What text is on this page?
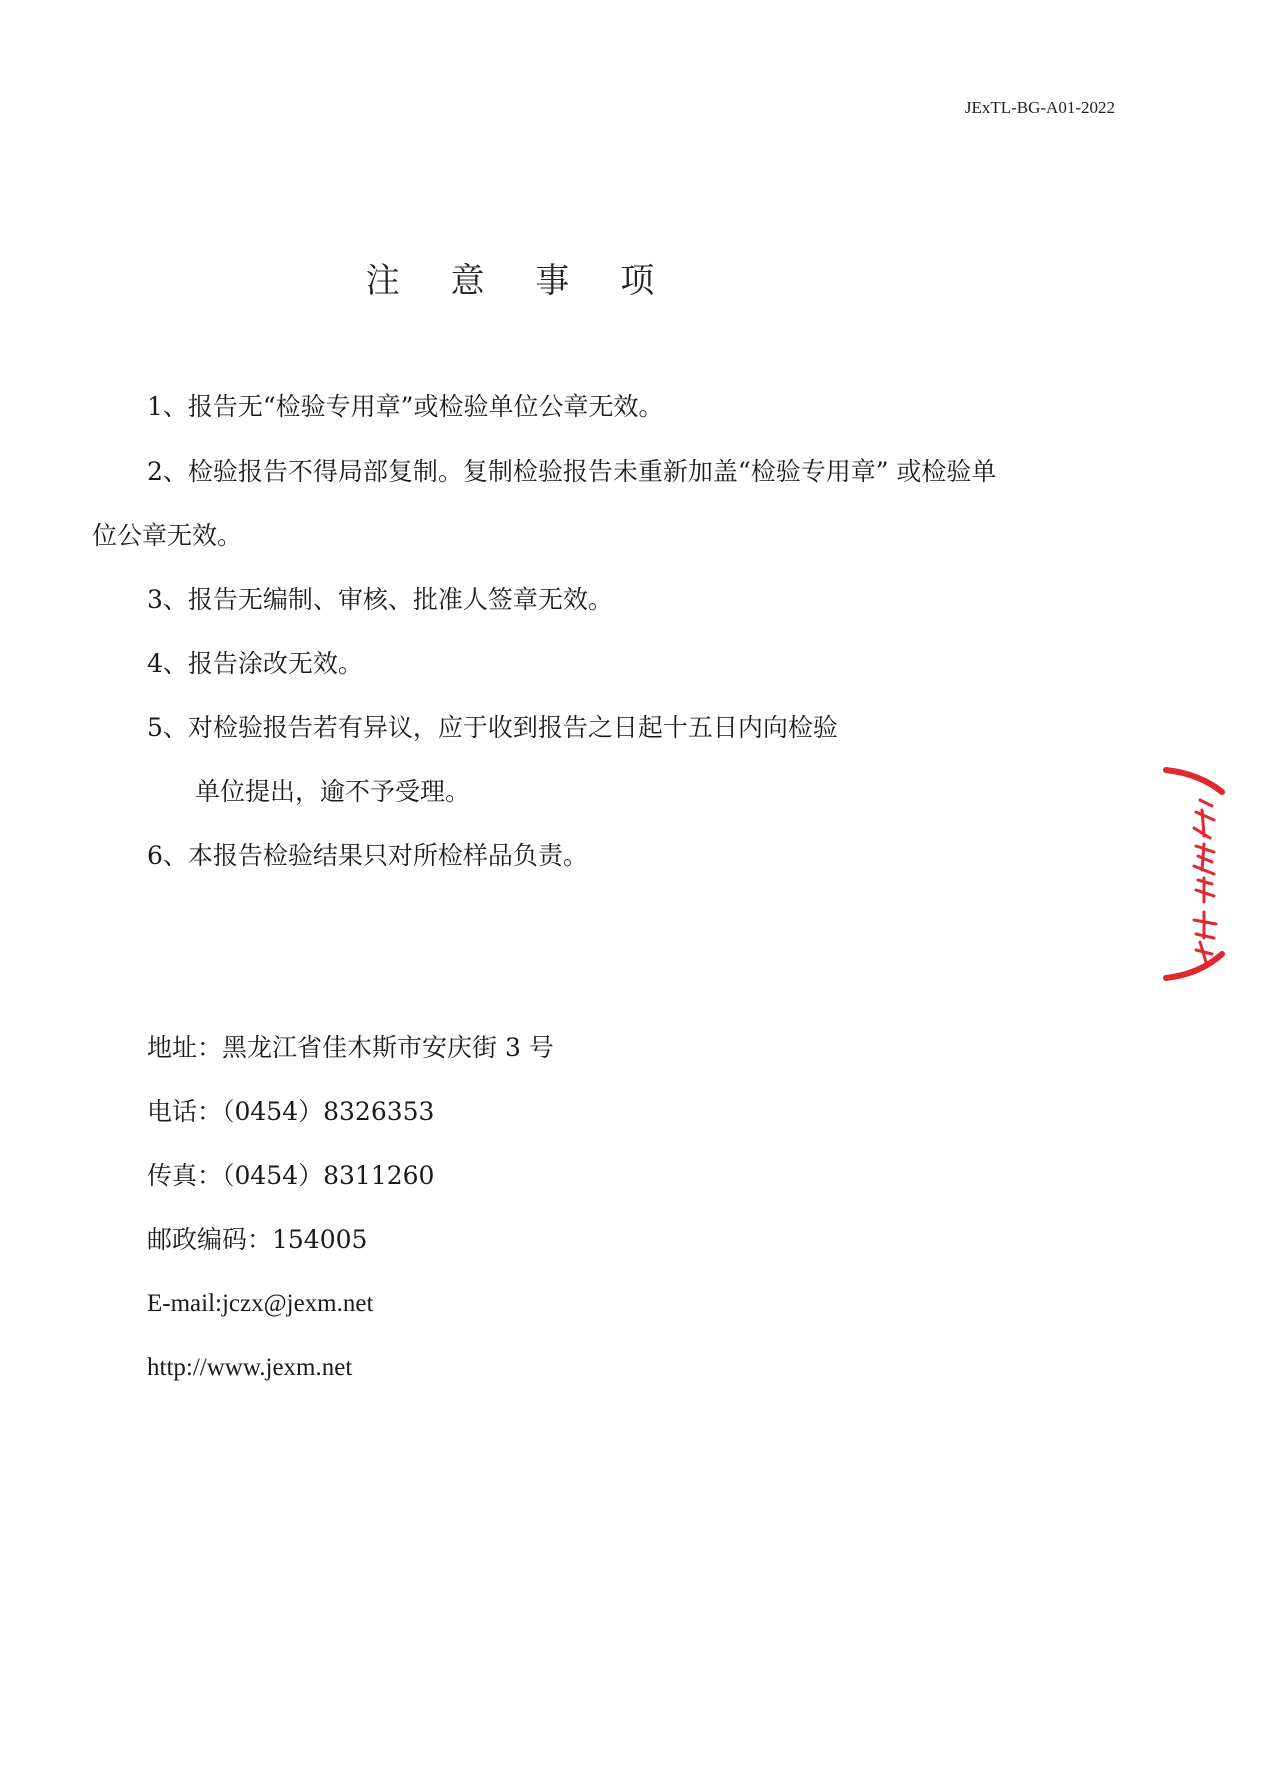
JExTL-BG-A01-2022
注 意 事 项
1、报告无“检验专用章”或检验单位公章无效。
2、检验报告不得局部复制。复制检验报告未重新加盖“检验专用章” 或检验单
位公章无效。
3、报告无编制、审核、批准人签章无效。
4、报告涂改无效。
5、对检验报告若有异议，应于收到报告之日起十五日内向检验
单位提出，逾不予受理。
6、本报告检验结果只对所检样品负责。
地址：黑龙江省佳木斯市安庆街 3 号
电话：（0454）8326353
传真：（0454）8311260
邮政编码：154005
E-mail:jczx@jexm.net
http://www.jexm.net
